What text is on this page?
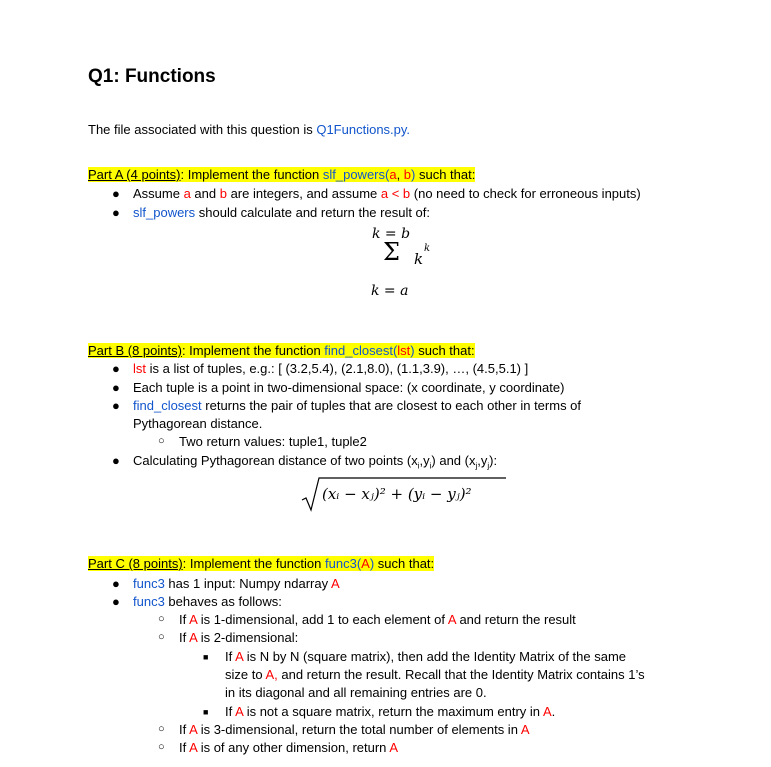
Q1: Functions
The file associated with this question is Q1Functions.py.
Part A (4 points): Implement the function slf_powers(a, b) such that:
● Assume a and b are integers, and assume a < b (no need to check for erroneous inputs)
● slf_powers should calculate and return the result of:
k = b
Σ k
k
k = a
Part B (8 points): Implement the function find_closest(lst) such that:
● lst is a list of tuples, e.g.: [ (3.2,5.4), (2.1,8.0), (1.1,3.9), …, (4.5,5.1) ]
● Each tuple is a point in two-dimensional space: (x coordinate, y coordinate)
● find_closest returns the pair of tuples that are closest to each other in terms of
Pythagorean distance.
○ Two return values: tuple1, tuple2
● Calculating Pythagorean distance of two points $(x_i,y_i)$ and $(x_j,y_j)$:
(xᵢ − xⱼ)² + (yᵢ − yⱼ)²
Part C (8 points): Implement the function func3(A) such that:
● func3 has 1 input: Numpy ndarray A
● func3 behaves as follows:
○ If A is 1-dimensional, add 1 to each element of A and return the result
○ If A is 2-dimensional:
■ If A is N by N (square matrix), then add the Identity Matrix of the same
size to A, and return the result. Recall that the Identity Matrix contains 1’s
in its diagonal and all remaining entries are 0.
■ If A is not a square matrix, return the maximum entry in A.
○ If A is 3-dimensional, return the total number of elements in A
○ If A is of any other dimension, return A
